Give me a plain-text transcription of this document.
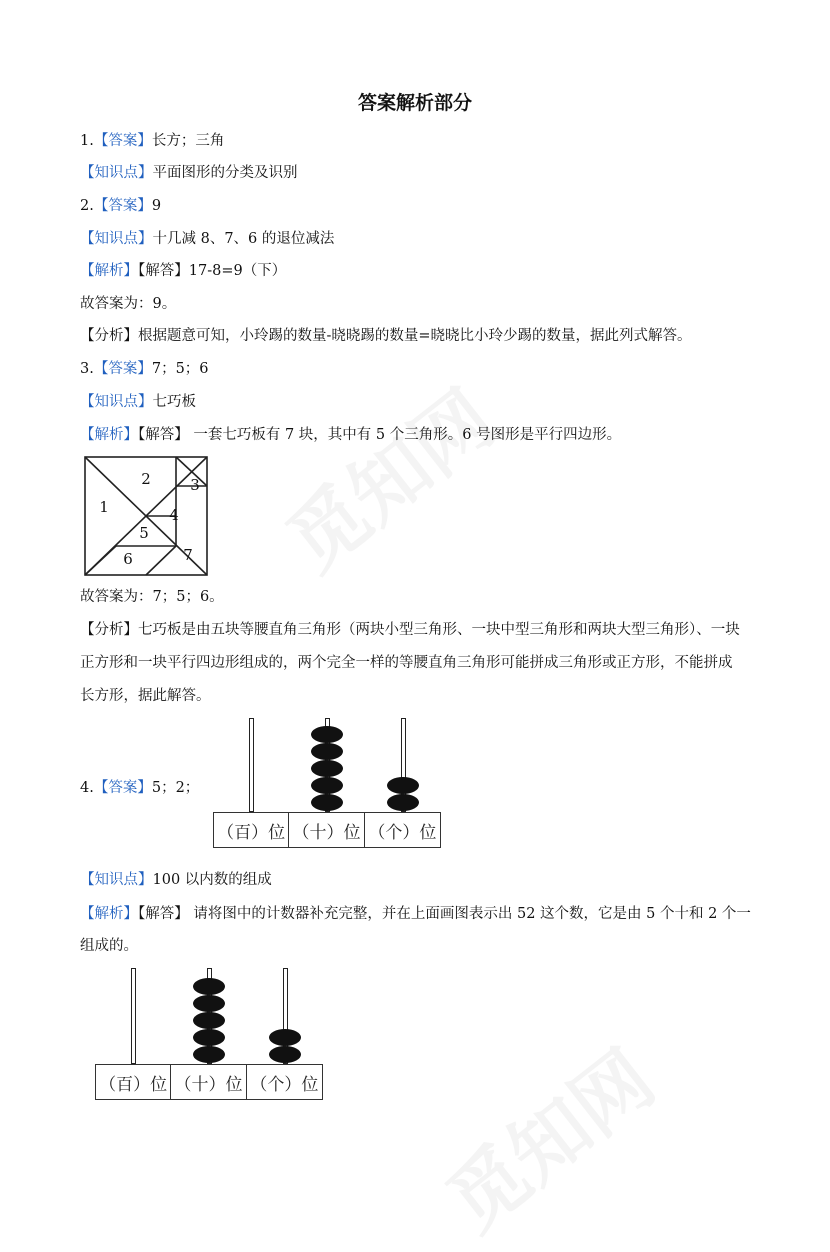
答案解析部分
1.【答案】长方；三角
【知识点】平面图形的分类及识别
2.【答案】9
【知识点】十几减 8、7、6 的退位减法
【解析】【解答】17-8=9（下）
故答案为：9。
【分析】根据题意可知，小玲踢的数量-晓晓踢的数量=晓晓比小玲少踢的数量，据此列式解答。
3.【答案】7；5；6
【知识点】七巧板
【解析】【解答】 一套七巧板有 7 块，其中有 5 个三角形。6 号图形是平行四边形。
1
2	3
4
5
6	7
故答案为：7；5；6。
【分析】七巧板是由五块等腰直角三角形（两块小型三角形、一块中型三角形和两块大型三角形）、一块
正方形和一块平行四边形组成的，两个完全一样的等腰直角三角形可能拼成三角形或正方形，不能拼成
长方形，据此解答。
4.【答案】5；2；
（百）位 （十）位 （个）位
【知识点】100 以内数的组成
【解析】【解答】 请将图中的计数器补充完整，并在上面画图表示出 52 这个数，它是由 5 个十和 2 个一
组成的。
（百）位 （十）位 （个）位
